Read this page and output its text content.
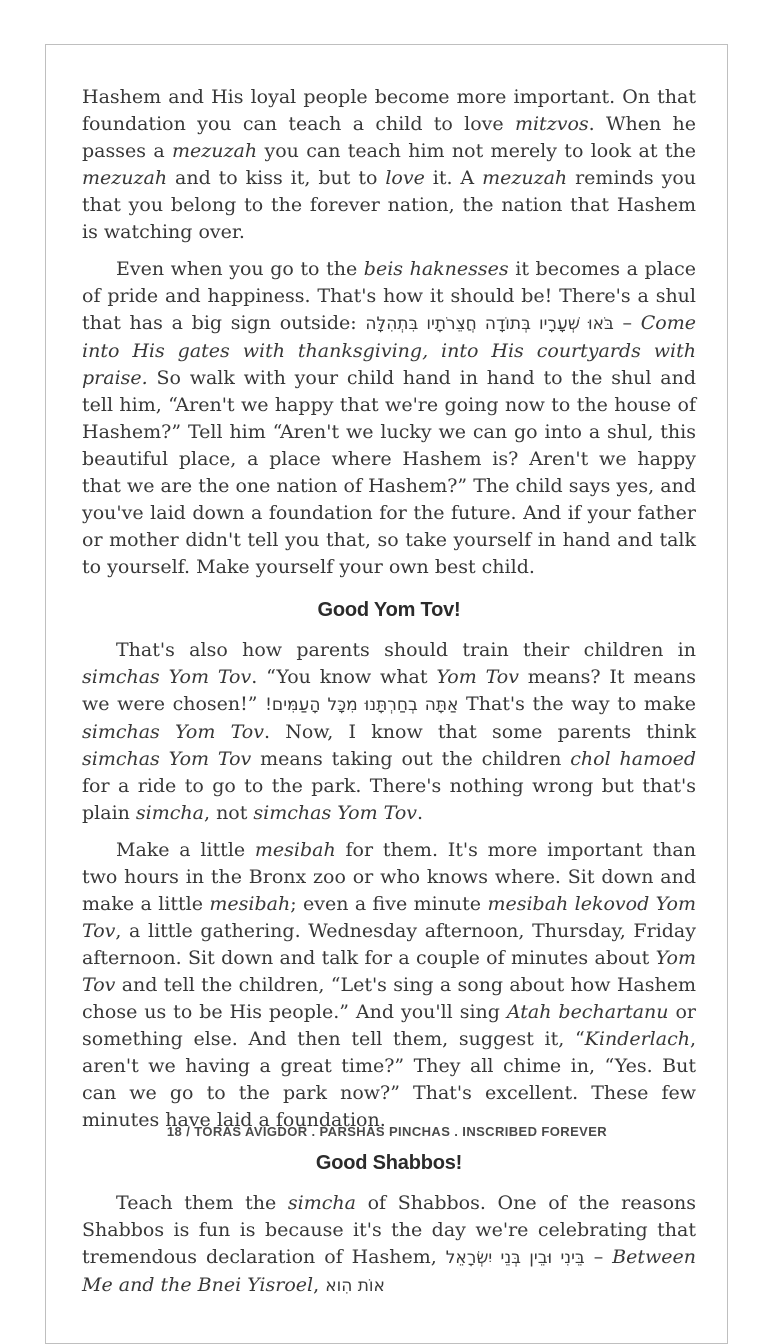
Hashem and His loyal people become more important. On that foundation you can teach a child to love mitzvos. When he passes a mezuzah you can teach him not merely to look at the mezuzah and to kiss it, but to love it. A mezuzah reminds you that you belong to the forever nation, the nation that Hashem is watching over.

Even when you go to the beis haknesses it becomes a place of pride and happiness. That's how it should be! There's a shul that has a big sign outside: בֹּאוּ שְׁעָרָיו בְּתוֹדָה חֲצֵרֹתָיו בִּתְהִלָּה – Come into His gates with thanksgiving, into His courtyards with praise. So walk with your child hand in hand to the shul and tell him, “Aren't we happy that we're going now to the house of Hashem?” Tell him “Aren't we lucky we can go into a shul, this beautiful place, a place where Hashem is? Aren't we happy that we are the one nation of Hashem?” The child says yes, and you've laid down a foundation for the future. And if your father or mother didn't tell you that, so take yourself in hand and talk to yourself. Make yourself your own best child.

Good Yom Tov!

That's also how parents should train their children in simchas Yom Tov. “You know what Yom Tov means? It means we were chosen!” אַתָּה בְחַרְתָּנוּ מִכָּל הָעַמִּים! That's the way to make simchas Yom Tov. Now, I know that some parents think simchas Yom Tov means taking out the children chol hamoed for a ride to go to the park. There's nothing wrong but that's plain simcha, not simchas Yom Tov.

Make a little mesibah for them. It's more important than two hours in the Bronx zoo or who knows where. Sit down and make a little mesibah; even a five minute mesibah lekovod Yom Tov, a little gathering. Wednesday afternoon, Thursday, Friday afternoon. Sit down and talk for a couple of minutes about Yom Tov and tell the children, “Let's sing a song about how Hashem chose us to be His people.” And you'll sing Atah bechartanu or something else. And then tell them, suggest it, “Kinderlach, aren't we having a great time?” They all chime in, “Yes. But can we go to the park now?” That's excellent. These few minutes have laid a foundation.

Good Shabbos!

Teach them the simcha of Shabbos. One of the reasons Shabbos is fun is because it's the day we're celebrating that tremendous declaration of Hashem, בֵּינִי וּבֵין בְּנֵי יִשְׂרָאֵל – Between Me and the Bnei Yisroel, אוֹת הִוא

18 / TORAS AVIGDOR . PARSHAS PINCHAS . INSCRIBED FOREVER
